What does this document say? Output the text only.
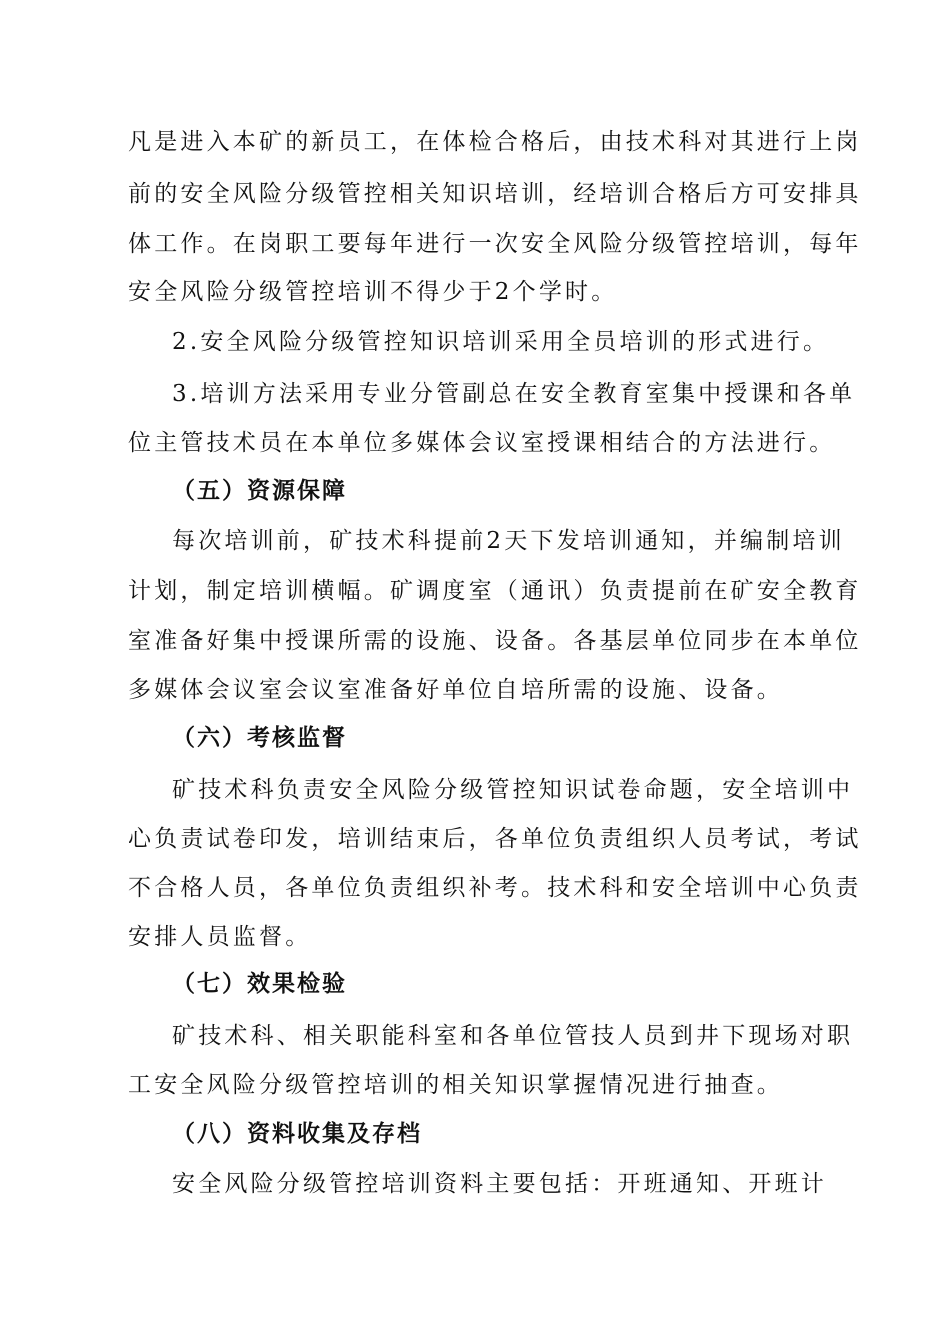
凡是进入本矿的新员工，在体检合格后，由技术科对其进行上岗
前的安全风险分级管控相关知识培训，经培训合格后方可安排具
体工作。在岗职工要每年进行一次安全风险分级管控培训，每年
安全风险分级管控培训不得少于2个学时。
2.安全风险分级管控知识培训采用全员培训的形式进行。
3.培训方法采用专业分管副总在安全教育室集中授课和各单
位主管技术员在本单位多媒体会议室授课相结合的方法进行。
（五）资源保障
每次培训前，矿技术科提前2天下发培训通知，并编制培训
计划，制定培训横幅。矿调度室（通讯）负责提前在矿安全教育
室准备好集中授课所需的设施、设备。各基层单位同步在本单位
多媒体会议室会议室准备好单位自培所需的设施、设备。
（六）考核监督
矿技术科负责安全风险分级管控知识试卷命题，安全培训中
心负责试卷印发，培训结束后，各单位负责组织人员考试，考试
不合格人员，各单位负责组织补考。技术科和安全培训中心负责
安排人员监督。
（七）效果检验
矿技术科、相关职能科室和各单位管技人员到井下现场对职
工安全风险分级管控培训的相关知识掌握情况进行抽查。
（八）资料收集及存档
安全风险分级管控培训资料主要包括：开班通知、开班计
